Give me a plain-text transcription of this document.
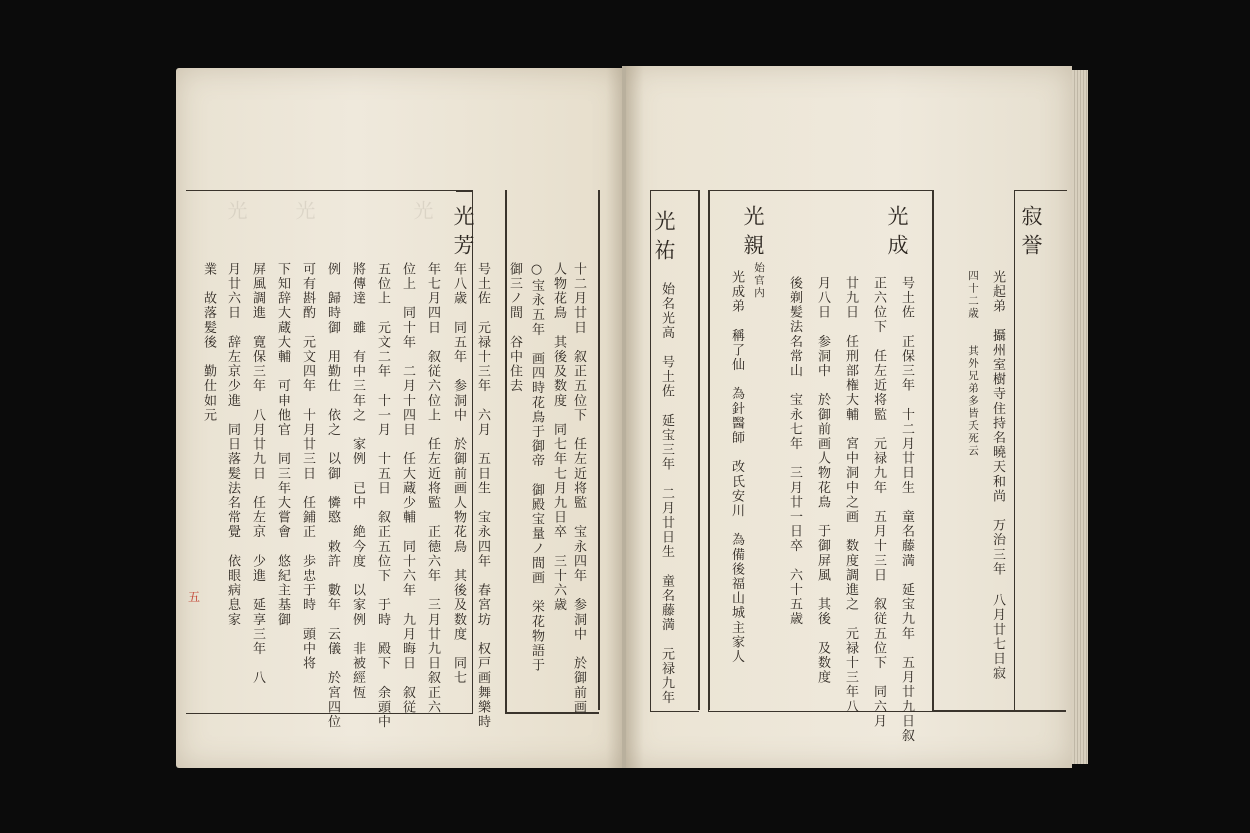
光 光	光	寂誉
光起弟　攝州室樹寺住持名曉天和尚　万治三年 八月廿七日寂
四十二歳　　其外兄弟多皆夭死云
光成
号土佐　正保三年　十二月廿日生　童名藤満　延宝九年　五月廿九日叙
正六位下　任左近将監　元禄九年　五月十三日　叙従五位下　同六月
廿九日　任刑部権大輔　宮中洞中之画　数度調進之　元禄十三年八
月八日　参洞中　於御前画人物花鳥　于御屏風　其後　及数度
後剃髪法名常山　宝永七年　三月廿一日卒　六十五歳
光親
始官内
光成弟　稱了仙　為針醫師　改氏安川　為備後福山城主家人
光祐
始名光高　号土佐　延宝三年　二月廿日生　童名藤満　元禄九年
十二月廿日　叙正五位下　任左近将監　宝永四年　参洞中　於御前画
人物花鳥　其後及数度　同七年七月九日卒　三十六歳
○宝永五年　画四時花鳥于御帝　御殿宝量ノ間画　栄花物語于
御三ノ間　谷中住去
光芳
号土佐　元禄十三年　六月　五日生　宝永四年　春宮坊　权戸画舞樂時
年八歳　同五年　参洞中　於御前画人物花鳥　其後及数度　同七
年七月四日　叙従六位上　任左近将監　正徳六年　三月廿九日叙正六
位上　同十年　二月十四日　任大蔵少輔　同十六年　九月晦日　叙従
五位上　元文二年　十一月　十五日　叙正五位下　于時　殿下　余頭中
將傳達　雖　有中三年之　家例　已中　絶今度　以家例　非被經恆
例　歸時御　用勤仕　依之　以御　憐愍　敕許　數年　云儀　於宮四位
可有斟酌　元文四年　十月廿三日　任鋪正　歩忠于時　頭中将
下知辞大蔵大輔　可申他官　同三年大嘗會　悠紀主基御
屏風調進　寛保三年　八月廿九日　任左京　少進　延享三年　八
月廿六日　辞左京少進　同日落髪法名常覺　依眼病息家
業　故落髪後　勤仕如元
五
